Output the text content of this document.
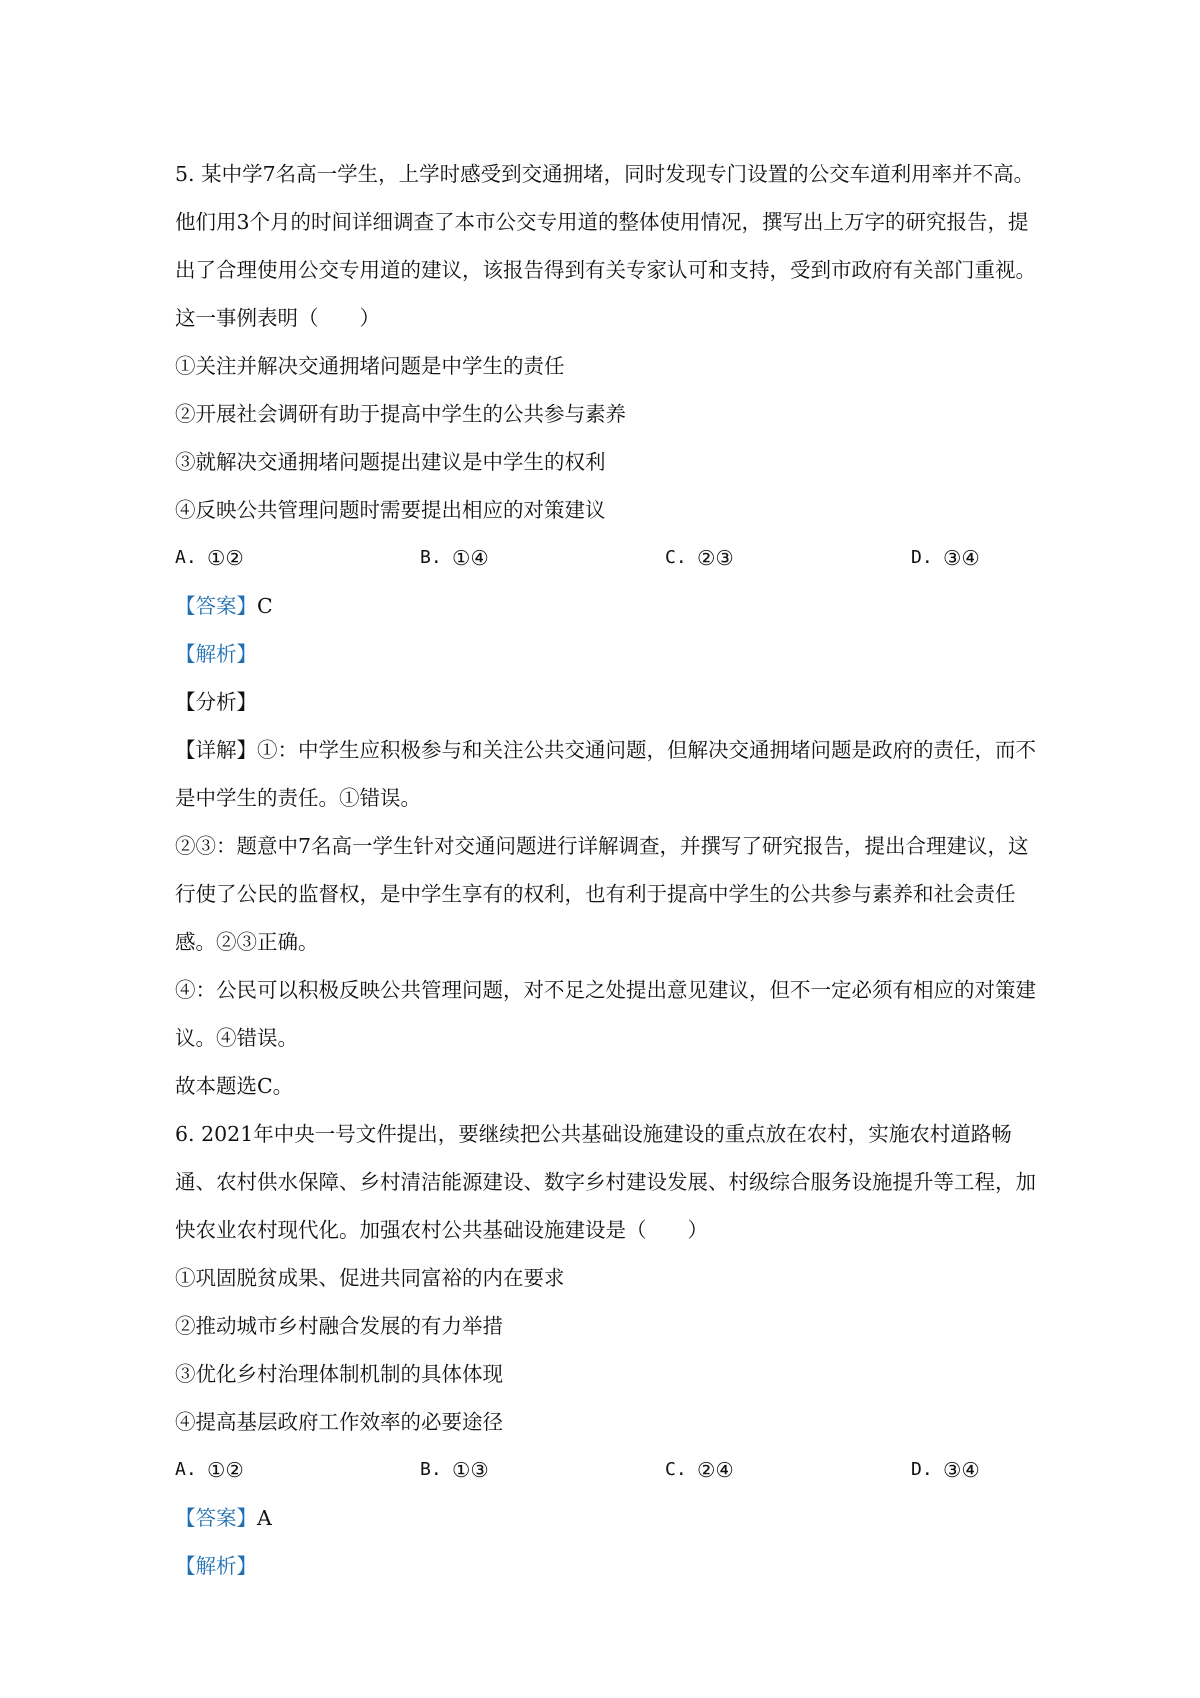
5. 某中学7名高一学生，上学时感受到交通拥堵，同时发现专门设置的公交车道利用率并不高。他们用3个月的时间详细调查了本市公交专用道的整体使用情况，撰写出上万字的研究报告，提出了合理使用公交专用道的建议，该报告得到有关专家认可和支持，受到市政府有关部门重视。这一事例表明（　　）

①关注并解决交通拥堵问题是中学生的责任

②开展社会调研有助于提高中学生的公共参与素养

③就解决交通拥堵问题提出建议是中学生的权利

④反映公共管理问题时需要提出相应的对策建议

A. ①②	B. ①④	C. ②③	D. ③④

【答案】C

【解析】

【分析】

【详解】①：中学生应积极参与和关注公共交通问题，但解决交通拥堵问题是政府的责任，而不是中学生的责任。①错误。

②③：题意中7名高一学生针对交通问题进行详解调查，并撰写了研究报告，提出合理建议，这行使了公民的监督权，是中学生享有的权利，也有利于提高中学生的公共参与素养和社会责任感。②③正确。

④：公民可以积极反映公共管理问题，对不足之处提出意见建议，但不一定必须有相应的对策建议。④错误。

故本题选C。

6. 2021年中央一号文件提出，要继续把公共基础设施建设的重点放在农村，实施农村道路畅通、农村供水保障、乡村清洁能源建设、数字乡村建设发展、村级综合服务设施提升等工程，加快农业农村现代化。加强农村公共基础设施建设是（　　）

①巩固脱贫成果、促进共同富裕的内在要求

②推动城市乡村融合发展的有力举措

③优化乡村治理体制机制的具体体现

④提高基层政府工作效率的必要途径

A. ①②	B. ①③	C. ②④	D. ③④

【答案】A

【解析】
